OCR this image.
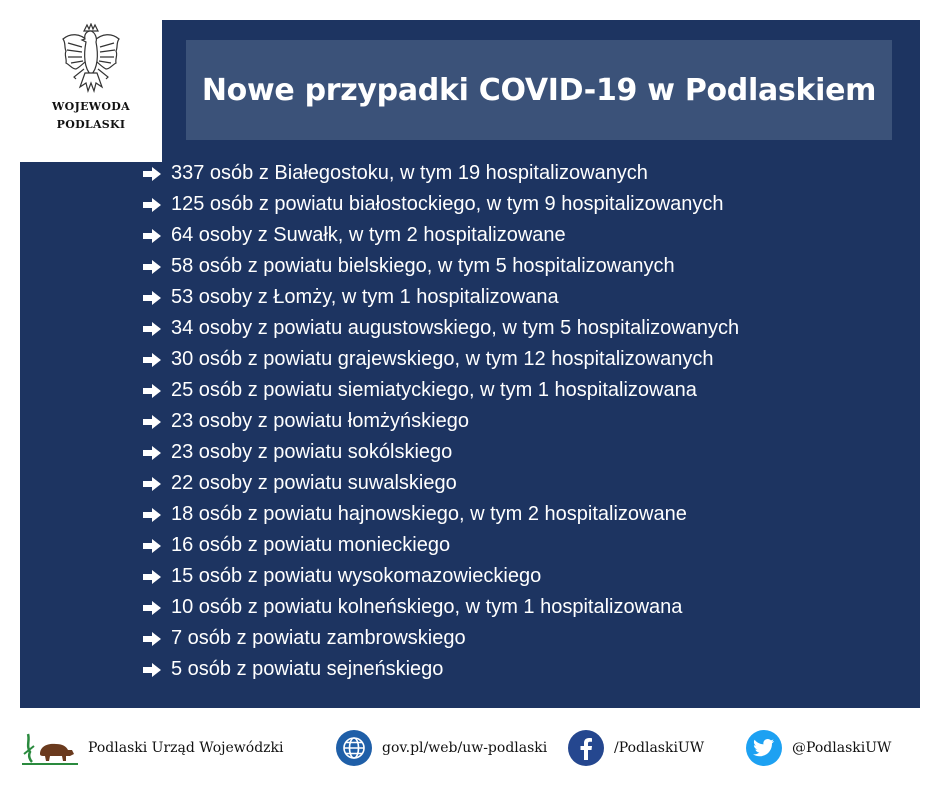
WOJEWODA
PODLASKI
Nowe przypadki COVID-19 w Podlaskiem
337 osób z Białegostoku, w tym 19 hospitalizowanych
125 osób z powiatu białostockiego, w tym 9 hospitalizowanych
64 osoby z Suwałk, w tym 2 hospitalizowane
58 osób z powiatu bielskiego, w tym 5 hospitalizowanych
53 osoby z Łomży, w tym 1 hospitalizowana
34 osoby z powiatu augustowskiego, w tym 5 hospitalizowanych
30 osób z powiatu grajewskiego, w tym 12 hospitalizowanych
25 osób z powiatu siemiatyckiego, w tym 1 hospitalizowana
23 osoby z powiatu łomżyńskiego
23 osoby z powiatu sokólskiego
22 osoby z powiatu suwalskiego
18 osób z powiatu hajnowskiego, w tym 2 hospitalizowane
16 osób z powiatu monieckiego
15 osób z powiatu wysokomazowieckiego
10 osób z powiatu kolneńskiego, w tym 1 hospitalizowana
7 osób z powiatu zambrowskiego
5 osób z powiatu sejneńskiego
Podlaski Urząd Wojewódzki	gov.pl/web/uw-podlaski	/PodlaskiUW	@PodlaskiUW
